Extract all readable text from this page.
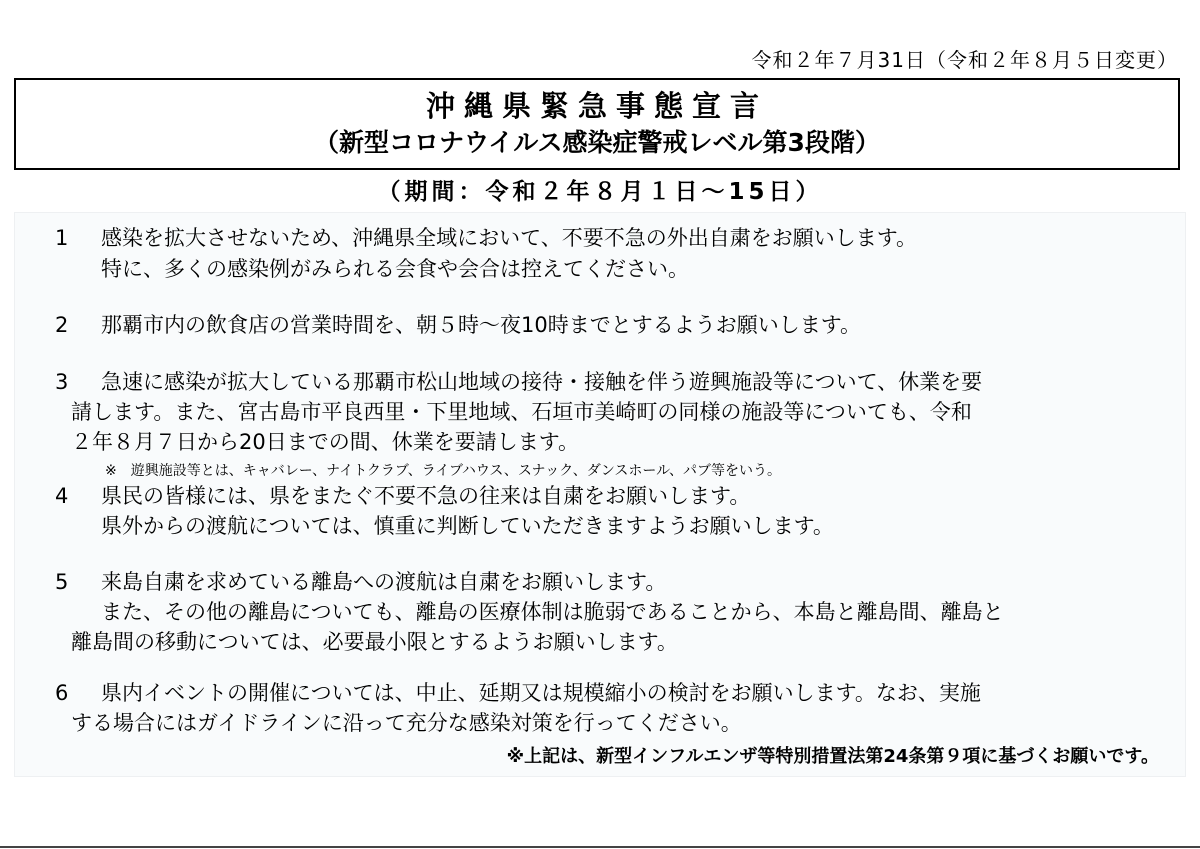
令和２年７月31日（令和２年８月５日変更）
沖縄県緊急事態宣言
（新型コロナウイルス感染症警戒レベル第3段階）
（期間：令和２年８月１日～15日）
1 感染を拡大させないため、沖縄県全域において、不要不急の外出自粛をお願いします。
特に、多くの感染例がみられる会食や会合は控えてください。
2 那覇市内の飲食店の営業時間を、朝５時～夜10時までとするようお願いします。
3 急速に感染が拡大している那覇市松山地域の接待・接触を伴う遊興施設等について、休業を要
請します。また、宮古島市平良西里・下里地域、石垣市美崎町の同様の施設等についても、令和
２年８月７日から20日までの間、休業を要請します。
※　遊興施設等とは、キャバレー、ナイトクラブ、ライブハウス、スナック、ダンスホール、パブ等をいう。
4 県民の皆様には、県をまたぐ不要不急の往来は自粛をお願いします。
県外からの渡航については、慎重に判断していただきますようお願いします。
5 来島自粛を求めている離島への渡航は自粛をお願いします。
また、その他の離島についても、離島の医療体制は脆弱であることから、本島と離島間、離島と
離島間の移動については、必要最小限とするようお願いします。
6 県内イベントの開催については、中止、延期又は規模縮小の検討をお願いします。なお、実施
する場合にはガイドラインに沿って充分な感染対策を行ってください。
※上記は、新型インフルエンザ等特別措置法第24条第９項に基づくお願いです。
